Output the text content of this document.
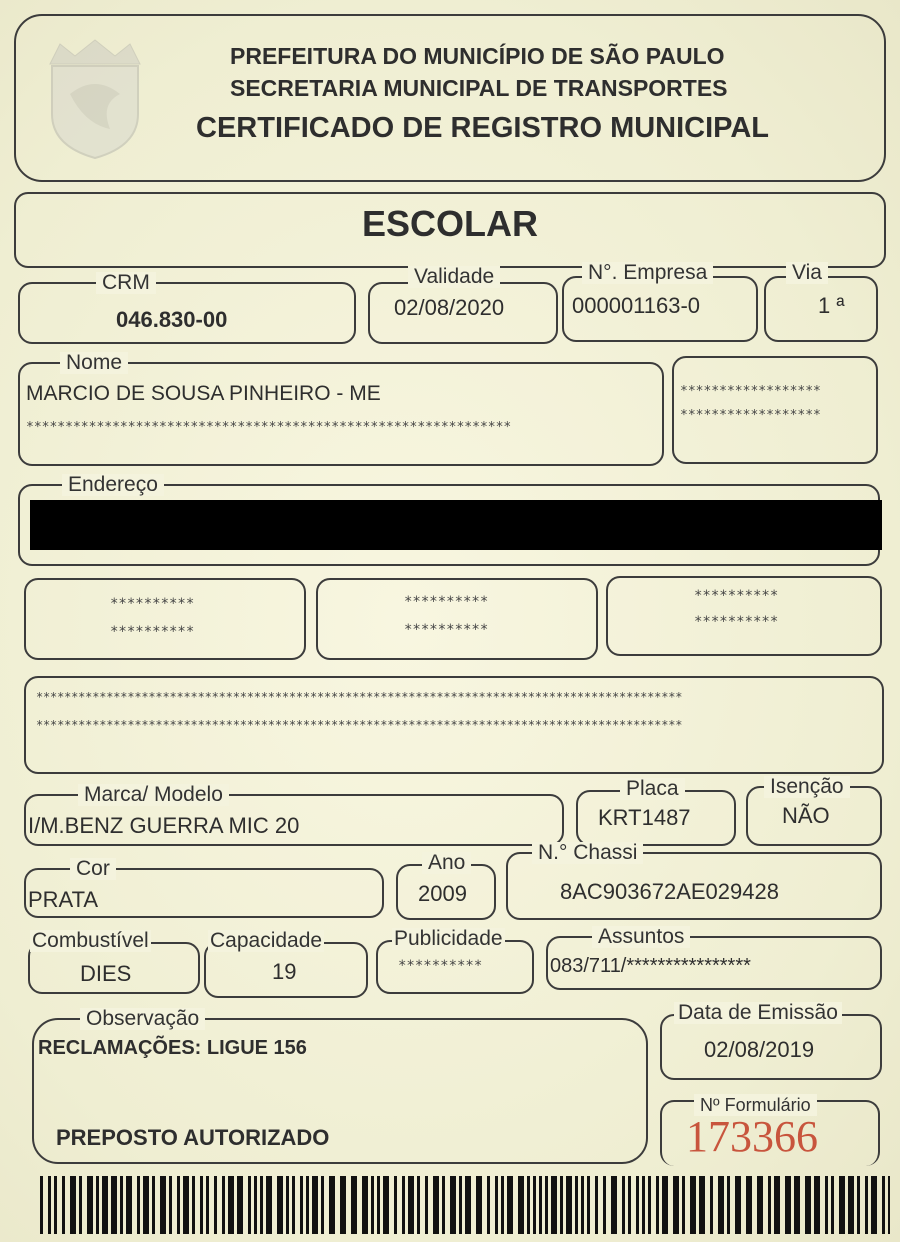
PREFEITURA DO MUNICÍPIO DE SÃO PAULO
SECRETARIA MUNICIPAL DE TRANSPORTES
CERTIFICADO DE REGISTRO MUNICIPAL
ESCOLAR
CRM
046.830-00
Validade
02/08/2020
N°. Empresa
000001163-0
Via
1 ª
Nome
MARCIO DE SOUSA PINHEIRO - ME
**************************************************************
******************
******************
Endereço
**********
**********
**********
**********
**********
**********
********************************************************************************************
********************************************************************************************
Marca/ Modelo
I/M.BENZ GUERRA MIC 20
Placa
KRT1487
Isenção
NÃO
Cor
PRATA
Ano
2009
N.° Chassi
8AC903672AE029428
Combustível
DIES
Capacidade
19
Publicidade
**********
Assuntos
083/711/****************
Observação
RECLAMAÇÕES: LIGUE 156
PREPOSTO AUTORIZADO
Data de Emissão
02/08/2019
Nº Formulário
173366
